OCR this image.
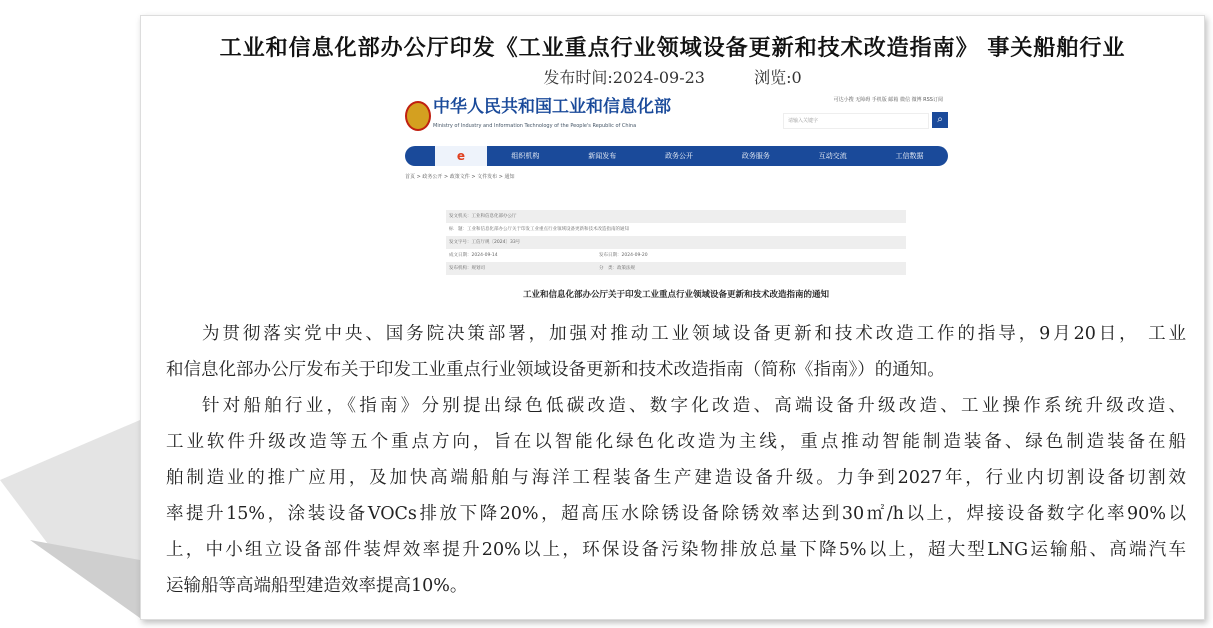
工业和信息化部办公厅印发《工业重点行业领域设备更新和技术改造指南》 事关船舶行业
发布时间:2024-09-23	浏览:0
中华人民共和国工业和信息化部
Ministry of Industry and Information Technology of the People's Republic of China
可达小搜 无障碍 手机版 邮箱 微信 微博 RSS订阅
请输入关键字	⌕
e	组织机构	新闻发布	政务公开	政务服务	互动交流	工信数据
首页 > 政务公开 > 政策文件 > 文件发布 > 通知
发文机关：工业和信息化部办公厅
标　题：工业和信息化部办公厅关于印发工业重点行业领域设备更新和技术改造指南的通知
发文字号：工信厅规〔2024〕33号
成文日期：2024-09-14	发布日期：2024-09-20
发布机构：规划司	分　类：政策法规
工业和信息化部办公厅关于印发工业重点行业领域设备更新和技术改造指南的通知
为贯彻落实党中央、国务院决策部署，加强对推动工业领域设备更新和技术改造工作的指导，9月20日， 工业
和信息化部办公厅发布关于印发工业重点行业领域设备更新和技术改造指南（简称《指南》）的通知。
针对船舶行业，《指南》分别提出绿色低碳改造、数字化改造、高端设备升级改造、工业操作系统升级改造、
工业软件升级改造等五个重点方向，旨在以智能化绿色化改造为主线，重点推动智能制造装备、绿色制造装备在船
舶制造业的推广应用，及加快高端船舶与海洋工程装备生产建造设备升级。力争到2027年，行业内切割设备切割效
率提升15%，涂装设备VOCs排放下降20%，超高压水除锈设备除锈效率达到30㎡/h以上，焊接设备数字化率90%以
上，中小组立设备部件装焊效率提升20%以上，环保设备污染物排放总量下降5%以上，超大型LNG运输船、高端汽车
运输船等高端船型建造效率提高10%。
